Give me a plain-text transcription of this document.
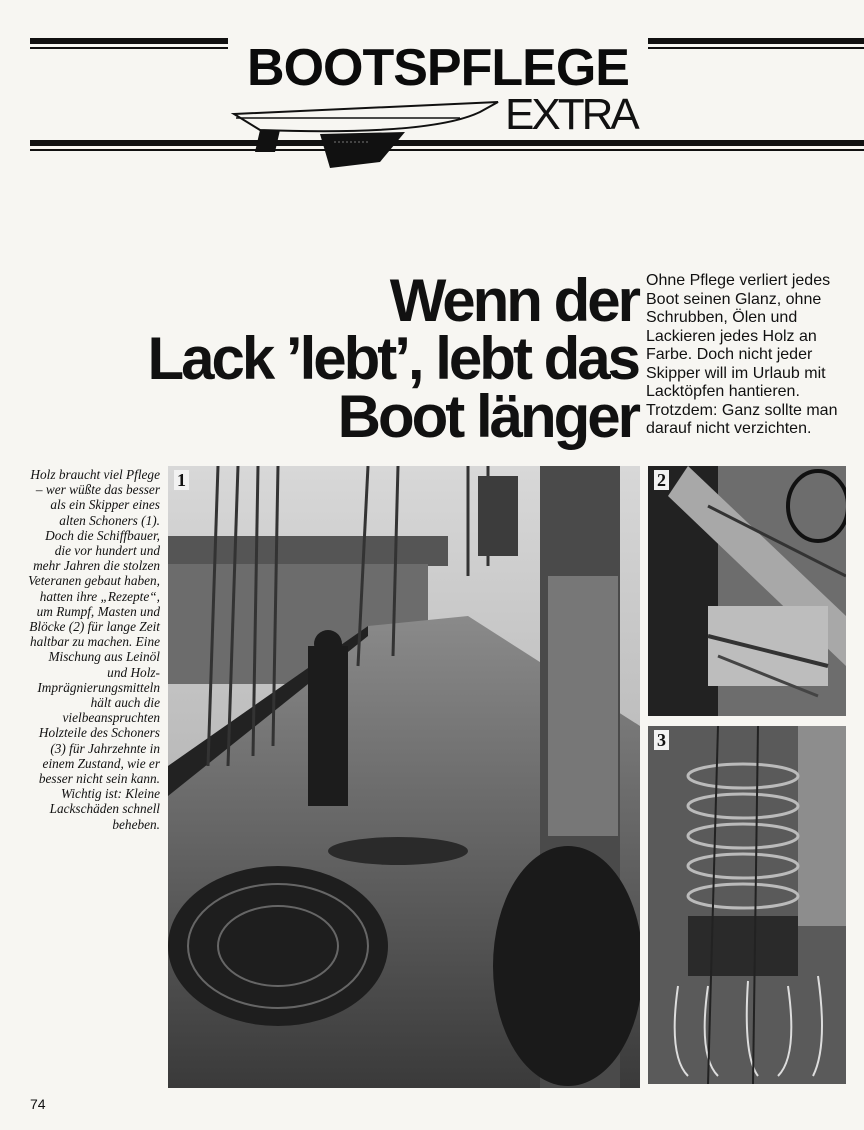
BOOTSPFLEGE
EXTRA
Wenn der
Lack ’lebt’, lebt das
Boot länger
Ohne Pflege verliert jedes Boot seinen Glanz, ohne Schrubben, Ölen und Lackieren jedes Holz an Farbe. Doch nicht jeder Skipper will im Urlaub mit Lacktöpfen hantieren. Trotzdem: Ganz sollte man darauf nicht verzichten.
Holz braucht viel Pflege – wer wüßte das besser als ein Skipper eines alten Schoners (1). Doch die Schiffbauer, die vor hundert und mehr Jahren die stolzen Veteranen gebaut haben, hatten ihre „Rezepte“, um Rumpf, Masten und Blöcke (2) für lange Zeit haltbar zu machen. Eine Mischung aus Leinöl und Holz-Imprägnierungsmitteln hält auch die vielbeanspruchten Holzteile des Schoners (3) für Jahrzehnte in einem Zustand, wie er besser nicht sein kann. Wichtig ist: Kleine Lackschäden schnell beheben.
1	2
3
74
